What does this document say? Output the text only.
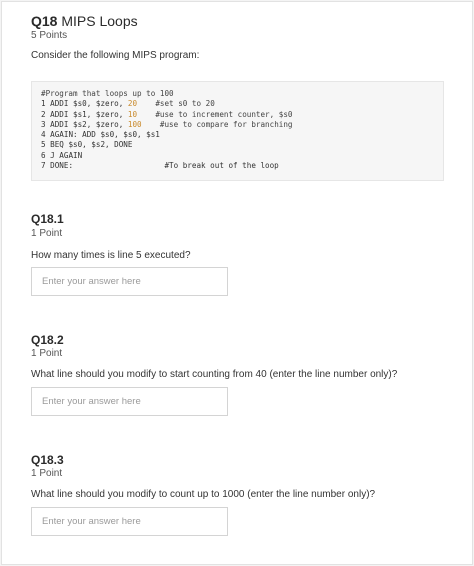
Q18 MIPS Loops
5 Points
Consider the following MIPS program:
#Program that loops up to 100
1 ADDI $s0, $zero, 20    #set s0 to 20
2 ADDI $s1, $zero, 10    #use to increment counter, $s0
3 ADDI $s2, $zero, 100    #use to compare for branching
4 AGAIN: ADD $s0, $s0, $s1
5 BEQ $s0, $s2, DONE
6 J AGAIN
7 DONE:                    #To break out of the loop
Q18.1
1 Point
How many times is line 5 executed?
Enter your answer here
Q18.2
1 Point
What line should you modify to start counting from 40 (enter the line number only)?
Enter your answer here
Q18.3
1 Point
What line should you modify to count up to 1000 (enter the line number only)?
Enter your answer here
